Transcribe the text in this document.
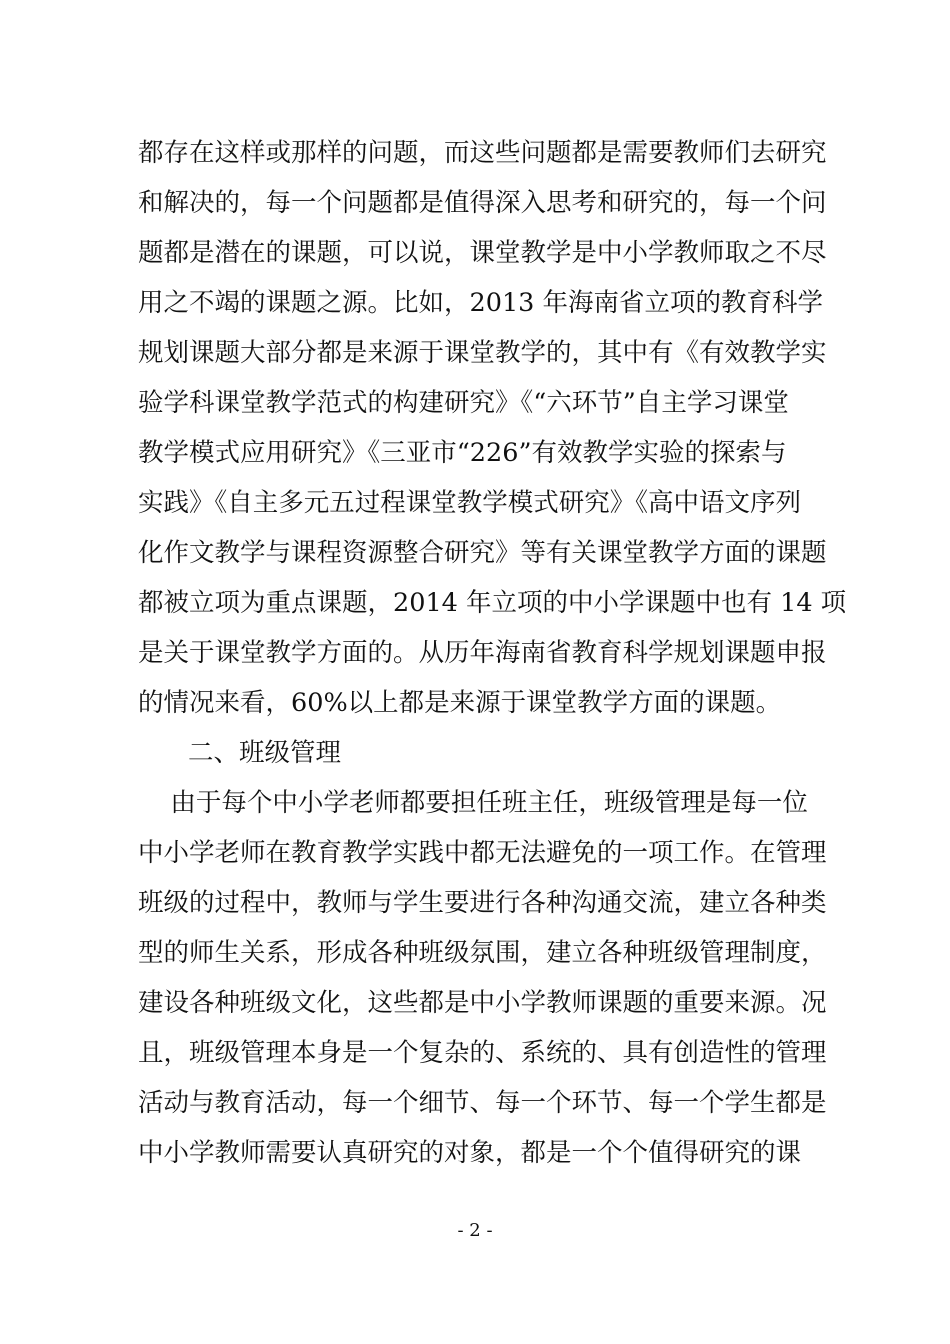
都存在这样或那样的问题，而这些问题都是需要教师们去研究
和解决的，每一个问题都是值得深入思考和研究的，每一个问
题都是潜在的课题，可以说，课堂教学是中小学教师取之不尽
用之不竭的课题之源。比如，2013 年海南省立项的教育科学
规划课题大部分都是来源于课堂教学的，其中有《有效教学实
验学科课堂教学范式的构建研究》《“六环节”自主学习课堂
教学模式应用研究》《三亚市“226”有效教学实验的探索与
实践》《自主多元五过程课堂教学模式研究》《高中语文序列
化作文教学与课程资源整合研究》等有关课堂教学方面的课题
都被立项为重点课题，2014 年立项的中小学课题中也有 14 项
是关于课堂教学方面的。从历年海南省教育科学规划课题申报
的情况来看，60%以上都是来源于课堂教学方面的课题。
二、班级管理
由于每个中小学老师都要担任班主任，班级管理是每一位
中小学老师在教育教学实践中都无法避免的一项工作。在管理
班级的过程中，教师与学生要进行各种沟通交流，建立各种类
型的师生关系，形成各种班级氛围，建立各种班级管理制度，
建设各种班级文化，这些都是中小学教师课题的重要来源。况
且，班级管理本身是一个复杂的、系统的、具有创造性的管理
活动与教育活动，每一个细节、每一个环节、每一个学生都是
中小学教师需要认真研究的对象，都是一个个值得研究的课
- 2 -
